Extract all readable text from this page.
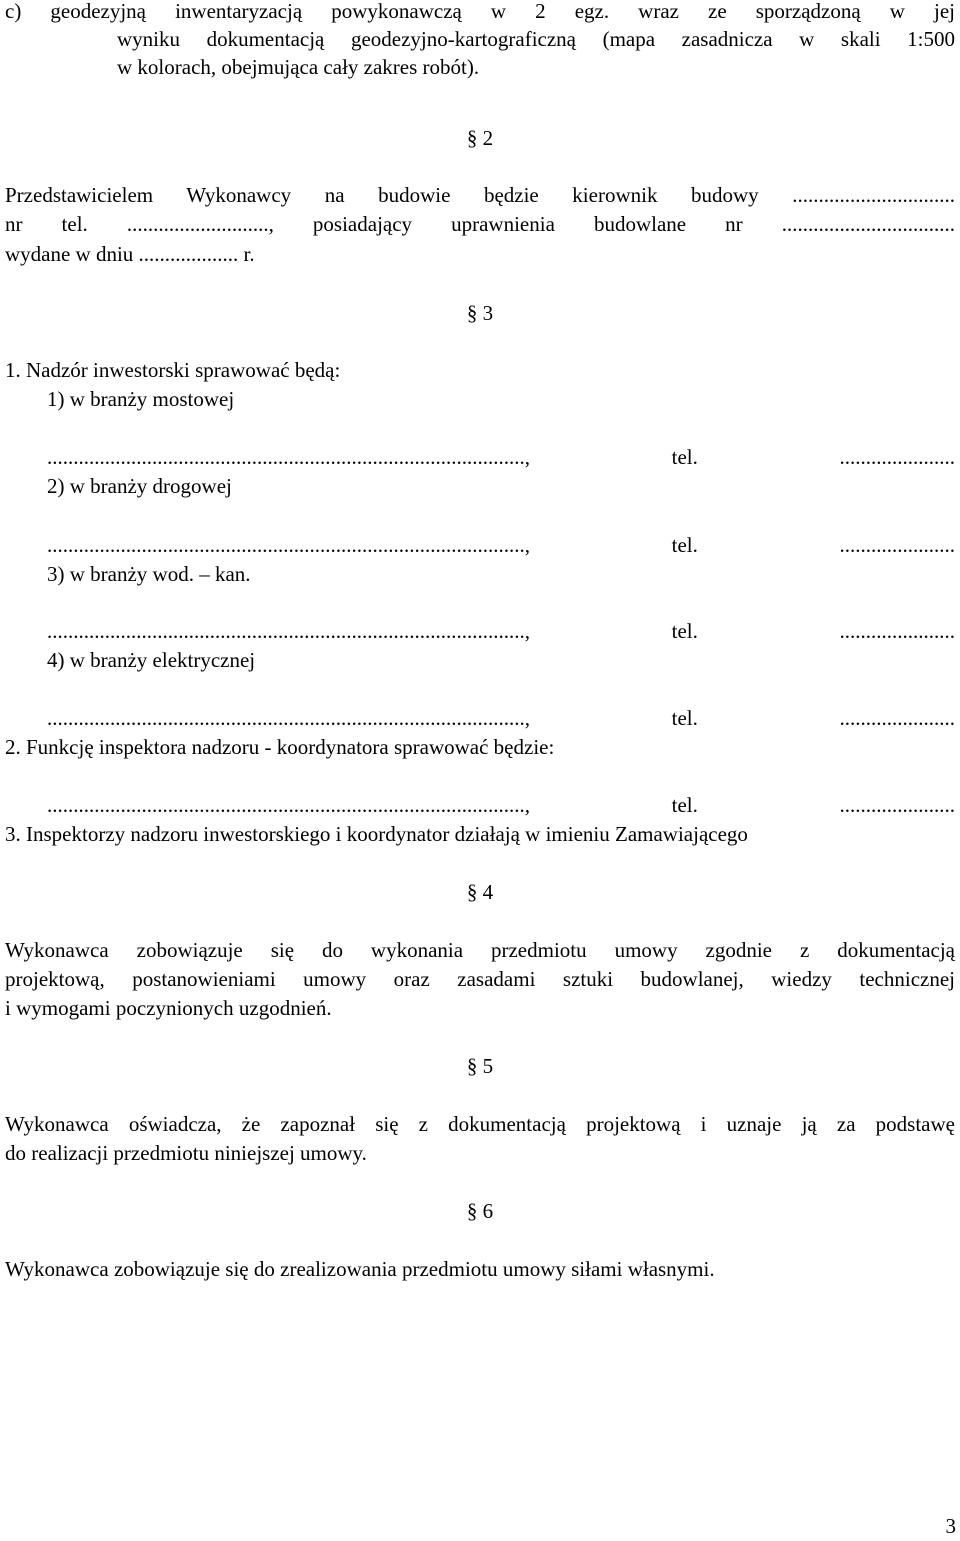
c) geodezyjną inwentaryzacją powykonawczą w 2 egz. wraz ze sporządzoną w jej
wyniku dokumentacją geodezyjno-kartograficzną (mapa zasadnicza w skali 1:500
w kolorach, obejmująca cały zakres robót).
§ 2
Przedstawicielem Wykonawcy na budowie będzie kierownik budowy ...............................
nr tel. ..........................., posiadający uprawnienia budowlane nr .................................
wydane w dniu ................... r.
§ 3
1. Nadzór inwestorski sprawować będą:
1) w branży mostowej
..........................................................................................., tel. ......................
2) w branży drogowej
..........................................................................................., tel. ......................
3) w branży wod. – kan.
..........................................................................................., tel. ......................
4) w branży elektrycznej
..........................................................................................., tel. ......................
2. Funkcję inspektora nadzoru - koordynatora sprawować będzie:
..........................................................................................., tel. ......................
3. Inspektorzy nadzoru inwestorskiego i koordynator działają w imieniu Zamawiającego
§ 4
Wykonawca zobowiązuje się do wykonania przedmiotu umowy zgodnie z dokumentacją
projektową, postanowieniami umowy oraz zasadami sztuki budowlanej, wiedzy technicznej
i wymogami poczynionych uzgodnień.
§ 5
Wykonawca oświadcza, że zapoznał się z dokumentacją projektową i uznaje ją za podstawę
do realizacji przedmiotu niniejszej umowy.
§ 6
Wykonawca zobowiązuje się do zrealizowania przedmiotu umowy siłami własnymi.
3
